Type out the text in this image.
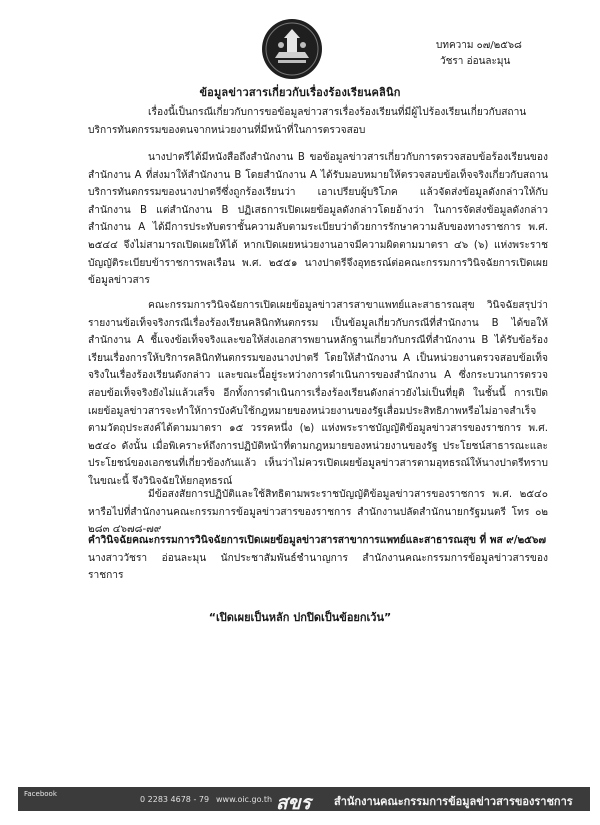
บทความ ๐๗/๒๕๖๘
วัชรา อ่อนละมุน
ข้อมูลข่าวสารเกี่ยวกับเรื่องร้องเรียนคลินิก

เรื่องนี้เป็นกรณีเกี่ยวกับการขอข้อมูลข่าวสารเรื่องร้องเรียนที่มีผู้ไปร้องเรียนเกี่ยวกับสถานบริการทันตกรรมของตนจากหน่วยงานที่มีหน้าที่ในการตรวจสอบ

นางปาตรีได้มีหนังสือถึงสำนักงาน B ขอข้อมูลข่าวสารเกี่ยวกับการตรวจสอบข้อร้องเรียนของสำนักงาน A ที่ส่งมาให้สำนักงาน B โดยสำนักงาน A ได้รับมอบหมายให้ตรวจสอบข้อเท็จจริงเกี่ยวกับสถานบริการทันตกรรมของนางปาตรีซึ่งถูกร้องเรียนว่า เอาเปรียบผู้บริโภค แล้วจัดส่งข้อมูลดังกล่าวให้กับสำนักงาน B แต่สำนักงาน B ปฏิเสธการเปิดเผยข้อมูลดังกล่าวโดยอ้างว่า ในการจัดส่งข้อมูลดังกล่าวสำนักงาน A ได้มีการประทับตราชั้นความลับตามระเบียบว่าด้วยการรักษาความลับของทางราชการ พ.ศ. ๒๕๔๔ จึงไม่สามารถเปิดเผยให้ได้ หากเปิดเผยหน่วยงานอาจมีความผิดตามมาตรา ๔๖ (๖) แห่งพระราชบัญญัติระเบียบข้าราชการพลเรือน พ.ศ. ๒๕๕๑ นางปาตรีจึงอุทธรณ์ต่อคณะกรรมการวินิจฉัยการเปิดเผยข้อมูลข่าวสาร

คณะกรรมการวินิจฉัยการเปิดเผยข้อมูลข่าวสารสาขาแพทย์และสาธารณสุข วินิจฉัยสรุปว่า รายงานข้อเท็จจริงกรณีเรื่องร้องเรียนคลินิกทันตกรรม เป็นข้อมูลเกี่ยวกับกรณีที่สำนักงาน B ได้ขอให้สำนักงาน A ชี้แจงข้อเท็จจริงและขอให้ส่งเอกสารพยานหลักฐานเกี่ยวกับกรณีที่สำนักงาน B ได้รับข้อร้องเรียนเรื่องการให้บริการคลินิกทันตกรรมของนางปาตรี โดยให้สำนักงาน A เป็นหน่วยงานตรวจสอบข้อเท็จจริงในเรื่องร้องเรียนดังกล่าว และขณะนี้อยู่ระหว่างการดำเนินการของสำนักงาน A ซึ่งกระบวนการตรวจสอบข้อเท็จจริงยังไม่แล้วเสร็จ อีกทั้งการดำเนินการเรื่องร้องเรียนดังกล่าวยังไม่เป็นที่ยุติ ในชั้นนี้ การเปิดเผยข้อมูลข่าวสารจะทำให้การบังคับใช้กฎหมายของหน่วยงานของรัฐเสื่อมประสิทธิภาพหรือไม่อาจสำเร็จตามวัตถุประสงค์ได้ตามมาตรา ๑๕ วรรคหนึ่ง (๒) แห่งพระราชบัญญัติข้อมูลข่าวสารของราชการ พ.ศ. ๒๕๔๐ ดังนั้น เมื่อพิเคราะห์ถึงการปฏิบัติหน้าที่ตามกฎหมายของหน่วยงานของรัฐ ประโยชน์สาธารณะและประโยชน์ของเอกชนที่เกี่ยวข้องกันแล้ว เห็นว่าไม่ควรเปิดเผยข้อมูลข่าวสารตามอุทธรณ์ให้นางปาตรีทราบในขณะนี้ จึงวินิจฉัยให้ยกอุทธรณ์

มีข้อสงสัยการปฏิบัติและใช้สิทธิตามพระราชบัญญัติข้อมูลข่าวสารของราชการ พ.ศ. ๒๕๔๐ หารือไปที่สำนักงานคณะกรรมการข้อมูลข่าวสารของราชการ สำนักงานปลัดสำนักนายกรัฐมนตรี โทร ๐๒ ๒๘๓ ๔๖๗๘-๗๙

คำวินิจฉัยคณะกรรมการวินิจฉัยการเปิดเผยข้อมูลข่าวสารสาขาการแพทย์และสาธารณสุข ที่ พส ๙/๒๕๖๗
นางสาววัชรา อ่อนละมุน นักประชาสัมพันธ์ชำนาญการ สำนักงานคณะกรรมการข้อมูลข่าวสารของราชการ

“เปิดเผยเป็นหลัก ปกปิดเป็นข้อยกเว้น”
Facebook
0 2283 4678 - 79 www.oic.go.th สขร สำนักงานคณะกรรมการข้อมูลข่าวสารของราชการ
